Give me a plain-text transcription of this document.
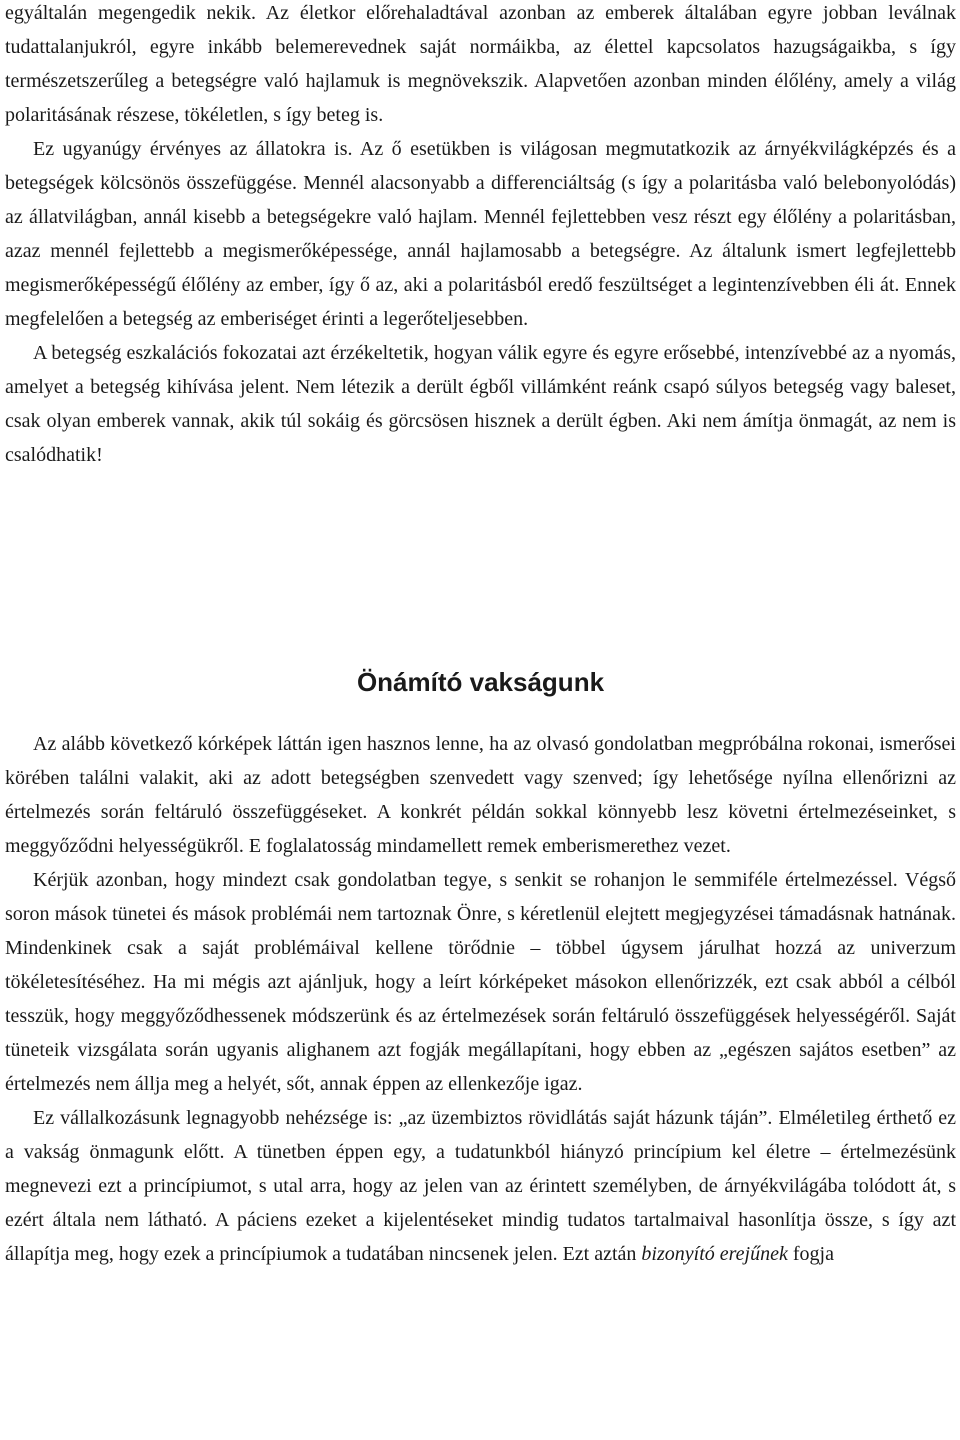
egyáltalán megengedik nekik. Az életkor előrehaladtával azonban az emberek általában egyre jobban leválnak tudattalanjukról, egyre inkább belemerevednek saját normáikba, az élettel kapcsolatos hazugságaikba, s így természetszerűleg a betegségre való hajlamuk is megnövekszik. Alapvetően azonban minden élőlény, amely a világ polaritásának részese, tökéletlen, s így beteg is.

Ez ugyanúgy érvényes az állatokra is. Az ő esetükben is világosan megmutatkozik az árnyékvilágképzés és a betegségek kölcsönös összefüggése. Mennél alacsonyabb a differenciáltság (s így a polaritásba való belebonyolódás) az állatvilágban, annál kisebb a betegségekre való hajlam. Mennél fejlettebben vesz részt egy élőlény a polaritásban, azaz mennél fejlettebb a megismerőképessége, annál hajlamosabb a betegségre. Az általunk ismert legfejlettebb megismerőképességű élőlény az ember, így ő az, aki a polaritásból eredő feszültséget a legintenzívebben éli át. Ennek megfelelően a betegség az emberiséget érinti a legerőteljesebben.

A betegség eszkalációs fokozatai azt érzékeltetik, hogyan válik egyre és egyre erősebbé, intenzívebbé az a nyomás, amelyet a betegség kihívása jelent. Nem létezik a derült égből villámként reánk csapó súlyos betegség vagy baleset, csak olyan emberek vannak, akik túl sokáig és görcsösen hisznek a derült égben. Aki nem ámítja önmagát, az nem is csalódhatik!

Önámító vakságunk

Az alább következő kórképek láttán igen hasznos lenne, ha az olvasó gondolatban megpróbálna rokonai, ismerősei körében találni valakit, aki az adott betegségben szenvedett vagy szenved; így lehetősége nyílna ellenőrizni az értelmezés során feltáruló összefüggéseket. A konkrét példán sokkal könnyebb lesz követni értelmezéseinket, s meggyőződni helyességükről. E foglalatosság mindamellett remek emberismerethez vezet.

Kérjük azonban, hogy mindezt csak gondolatban tegye, s senkit se rohanjon le semmiféle értelmezéssel. Végső soron mások tünetei és mások problémái nem tartoznak Önre, s kéretlenül elejtett megjegyzései támadásnak hatnának. Mindenkinek csak a saját problémáival kellene törődnie – többel úgysem járulhat hozzá az univerzum tökéletesítéséhez. Ha mi mégis azt ajánljuk, hogy a leírt kórképeket másokon ellenőrizzék, ezt csak abból a célból tesszük, hogy meggyőződhessenek módszerünk és az értelmezések során feltáruló összefüggések helyességéről. Saját tüneteik vizsgálata során ugyanis alighanem azt fogják megállapítani, hogy ebben az „egészen sajátos esetben” az értelmezés nem állja meg a helyét, sőt, annak éppen az ellenkezője igaz.

Ez vállalkozásunk legnagyobb nehézsége is: „az üzembiztos rövidlátás saját házunk táján”. Elméletileg érthető ez a vakság önmagunk előtt. A tünetben éppen egy, a tudatunkból hiányzó princípium kel életre – értelmezésünk megnevezi ezt a princípiumot, s utal arra, hogy az jelen van az érintett személyben, de árnyékvilágába tolódott át, s ezért általa nem látható. A páciens ezeket a kijelentéseket mindig tudatos tartalmaival hasonlítja össze, s így azt állapítja meg, hogy ezek a princípiumok a tudatában nincsenek jelen. Ezt aztán bizonyító erejűnek fogja
